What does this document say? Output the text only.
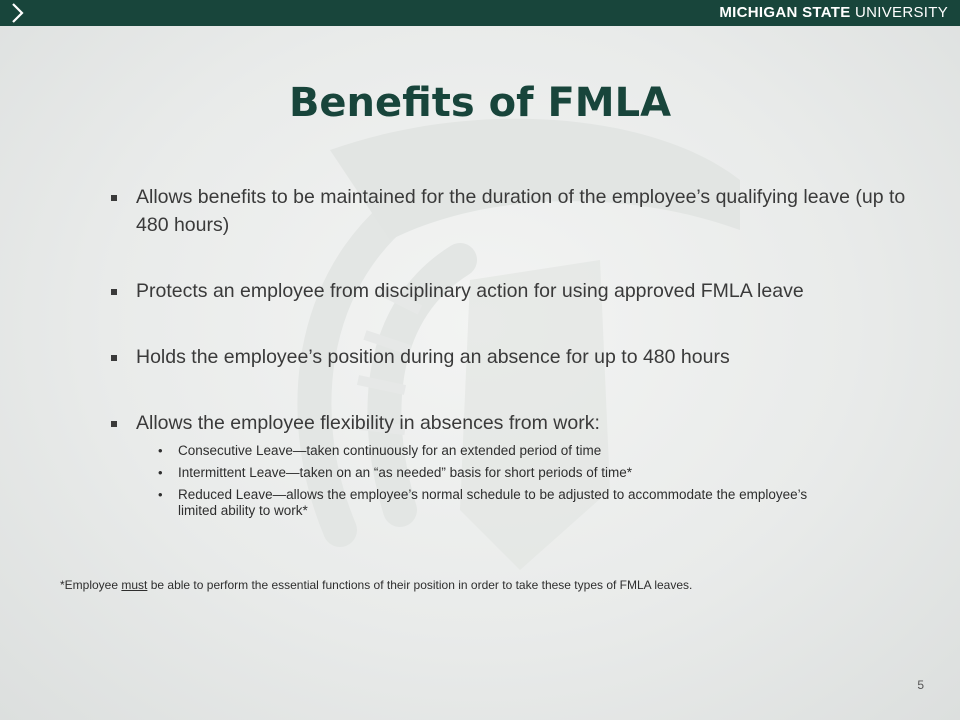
MICHIGAN STATE UNIVERSITY
Benefits of FMLA
Allows benefits to be maintained for the duration of the employee’s qualifying leave (up to 480 hours)
Protects an employee from disciplinary action for using approved FMLA leave
Holds the employee’s position during an absence for up to 480 hours
Allows the employee flexibility in absences from work:
• Consecutive Leave—taken continuously for an extended period of time
• Intermittent Leave—taken on an “as needed” basis for short periods of time*
• Reduced Leave—allows the employee’s normal schedule to be adjusted to accommodate the employee’s limited ability to work*
*Employee must be able to perform the essential functions of their position in order to take these types of FMLA leaves.
5
